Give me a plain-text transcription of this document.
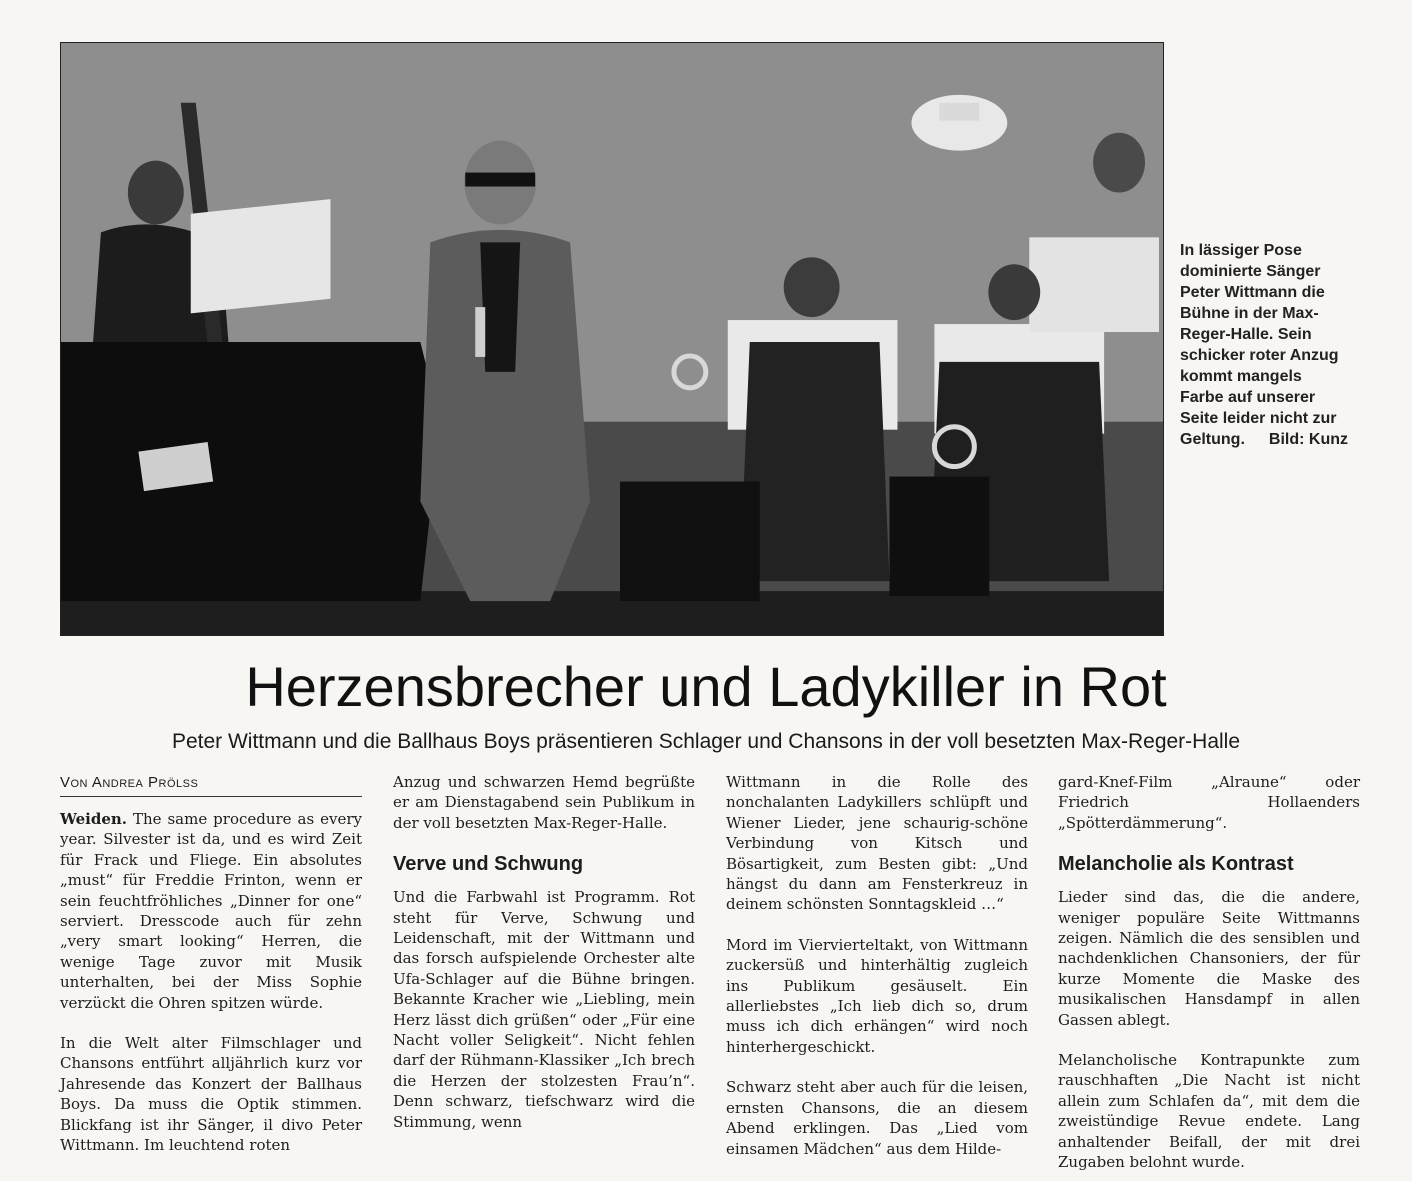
In lässiger Pose
dominierte Sänger
Peter Wittmann die
Bühne in der Max-
Reger-Halle. Sein
schicker roter Anzug
kommt mangels
Farbe auf unserer
Seite leider nicht zur
Geltung. Bild: Kunz
Herzensbrecher und Ladykiller in Rot
Peter Wittmann und die Ballhaus Boys präsentieren Schlager und Chansons in der voll besetzten Max-Reger-Halle
Von Andrea Prölss

Weiden. The same procedure as every year. Silvester ist da, und es wird Zeit für Frack und Fliege. Ein absolutes „must“ für Freddie Frinton, wenn er sein feuchtfröhliches „Dinner for one“ serviert. Dresscode auch für zehn „very smart looking“ Herren, die wenige Tage zuvor mit Musik unterhalten, bei der Miss Sophie verzückt die Ohren spitzen würde.

In die Welt alter Filmschlager und Chansons entführt alljährlich kurz vor Jahresende das Konzert der Ballhaus Boys. Da muss die Optik stimmen. Blickfang ist ihr Sänger, il divo Peter Wittmann. Im leuchtend roten

Anzug und schwarzen Hemd begrüßte er am Dienstagabend sein Publikum in der voll besetzten Max-Reger-Halle.

Verve und Schwung

Und die Farbwahl ist Programm. Rot steht für Verve, Schwung und Leidenschaft, mit der Wittmann und das forsch aufspielende Orchester alte Ufa-Schlager auf die Bühne bringen. Bekannte Kracher wie „Liebling, mein Herz lässt dich grüßen“ oder „Für eine Nacht voller Seligkeit“. Nicht fehlen darf der Rühmann-Klassiker „Ich brech die Herzen der stolzesten Frau’n“. Denn schwarz, tiefschwarz wird die Stimmung, wenn

Wittmann in die Rolle des nonchalanten Ladykillers schlüpft und Wiener Lieder, jene schaurig-schöne Verbindung von Kitsch und Bösartigkeit, zum Besten gibt: „Und hängst du dann am Fensterkreuz in deinem schönsten Sonntagskleid …“

Mord im Viervierteltakt, von Wittmann zuckersüß und hinterhältig zugleich ins Publikum gesäuselt. Ein allerliebstes „Ich lieb dich so, drum muss ich dich erhängen“ wird noch hinterhergeschickt.

Schwarz steht aber auch für die leisen, ernsten Chansons, die an diesem Abend erklingen. Das „Lied vom einsamen Mädchen“ aus dem Hilde-

gard-Knef-Film „Alraune“ oder Friedrich Hollaenders „Spötterdämmerung“.

Melancholie als Kontrast

Lieder sind das, die die andere, weniger populäre Seite Wittmanns zeigen. Nämlich die des sensiblen und nachdenklichen Chansoniers, der für kurze Momente die Maske des musikalischen Hansdampf in allen Gassen ablegt.

Melancholische Kontrapunkte zum rauschhaften „Die Nacht ist nicht allein zum Schlafen da“, mit dem die zweistündige Revue endete. Lang anhaltender Beifall, der mit drei Zugaben belohnt wurde.
